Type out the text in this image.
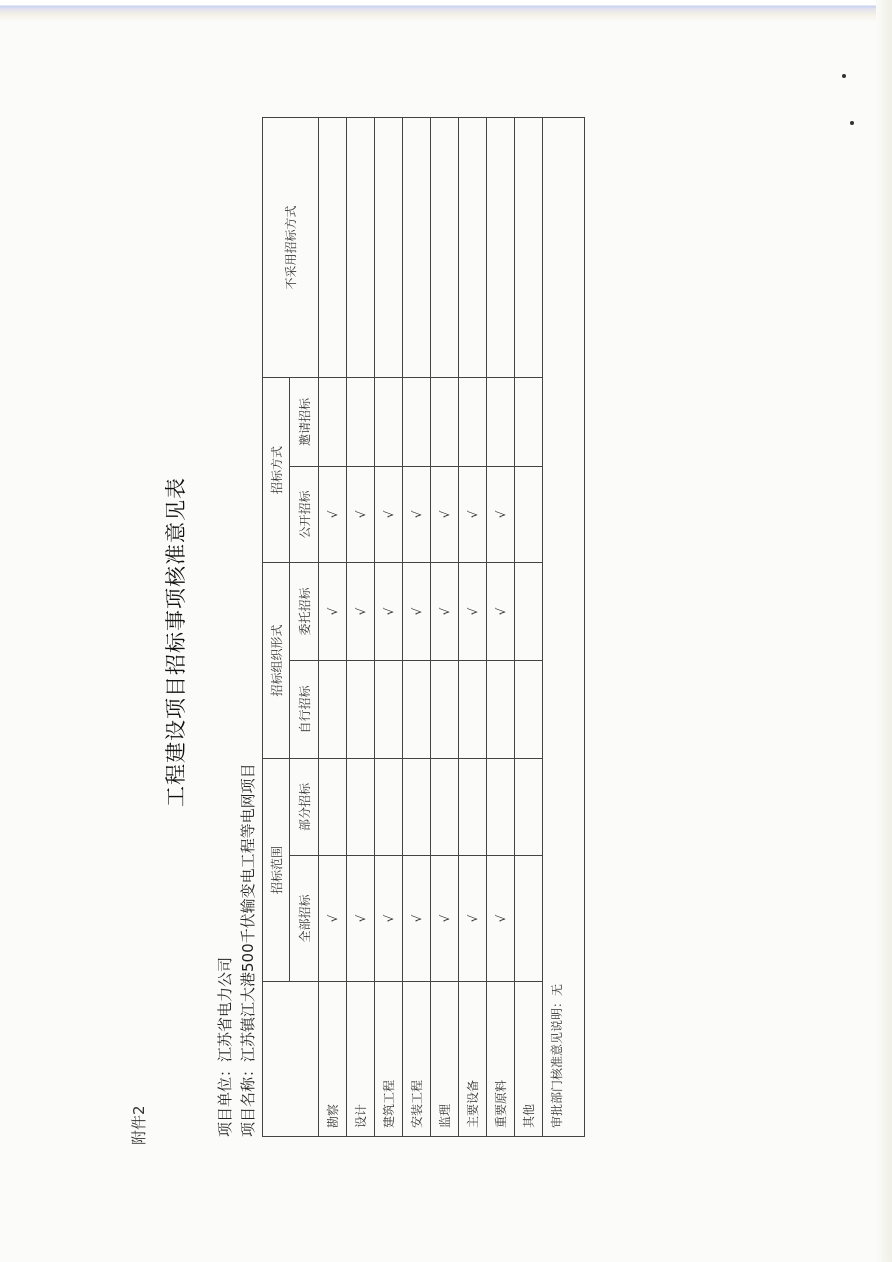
附件2
工程建设项目招标事项核准意见表
项目单位：江苏省电力公司
项目名称：江苏镇江大港500千伏输变电工程等电网项目
	招标范围		招标组织形式		招标方式		不采用招标方式
	全部招标	部分招标	自行招标	委托招标	公开招标	邀请招标	
勘察	√			√	√		
设计	√			√	√		
建筑工程	√			√	√		
安装工程	√			√	√		
监理	√			√	√		
主要设备	√			√	√		
重要原料	√			√	√		
其他							
审批部门核准意见说明：无							
